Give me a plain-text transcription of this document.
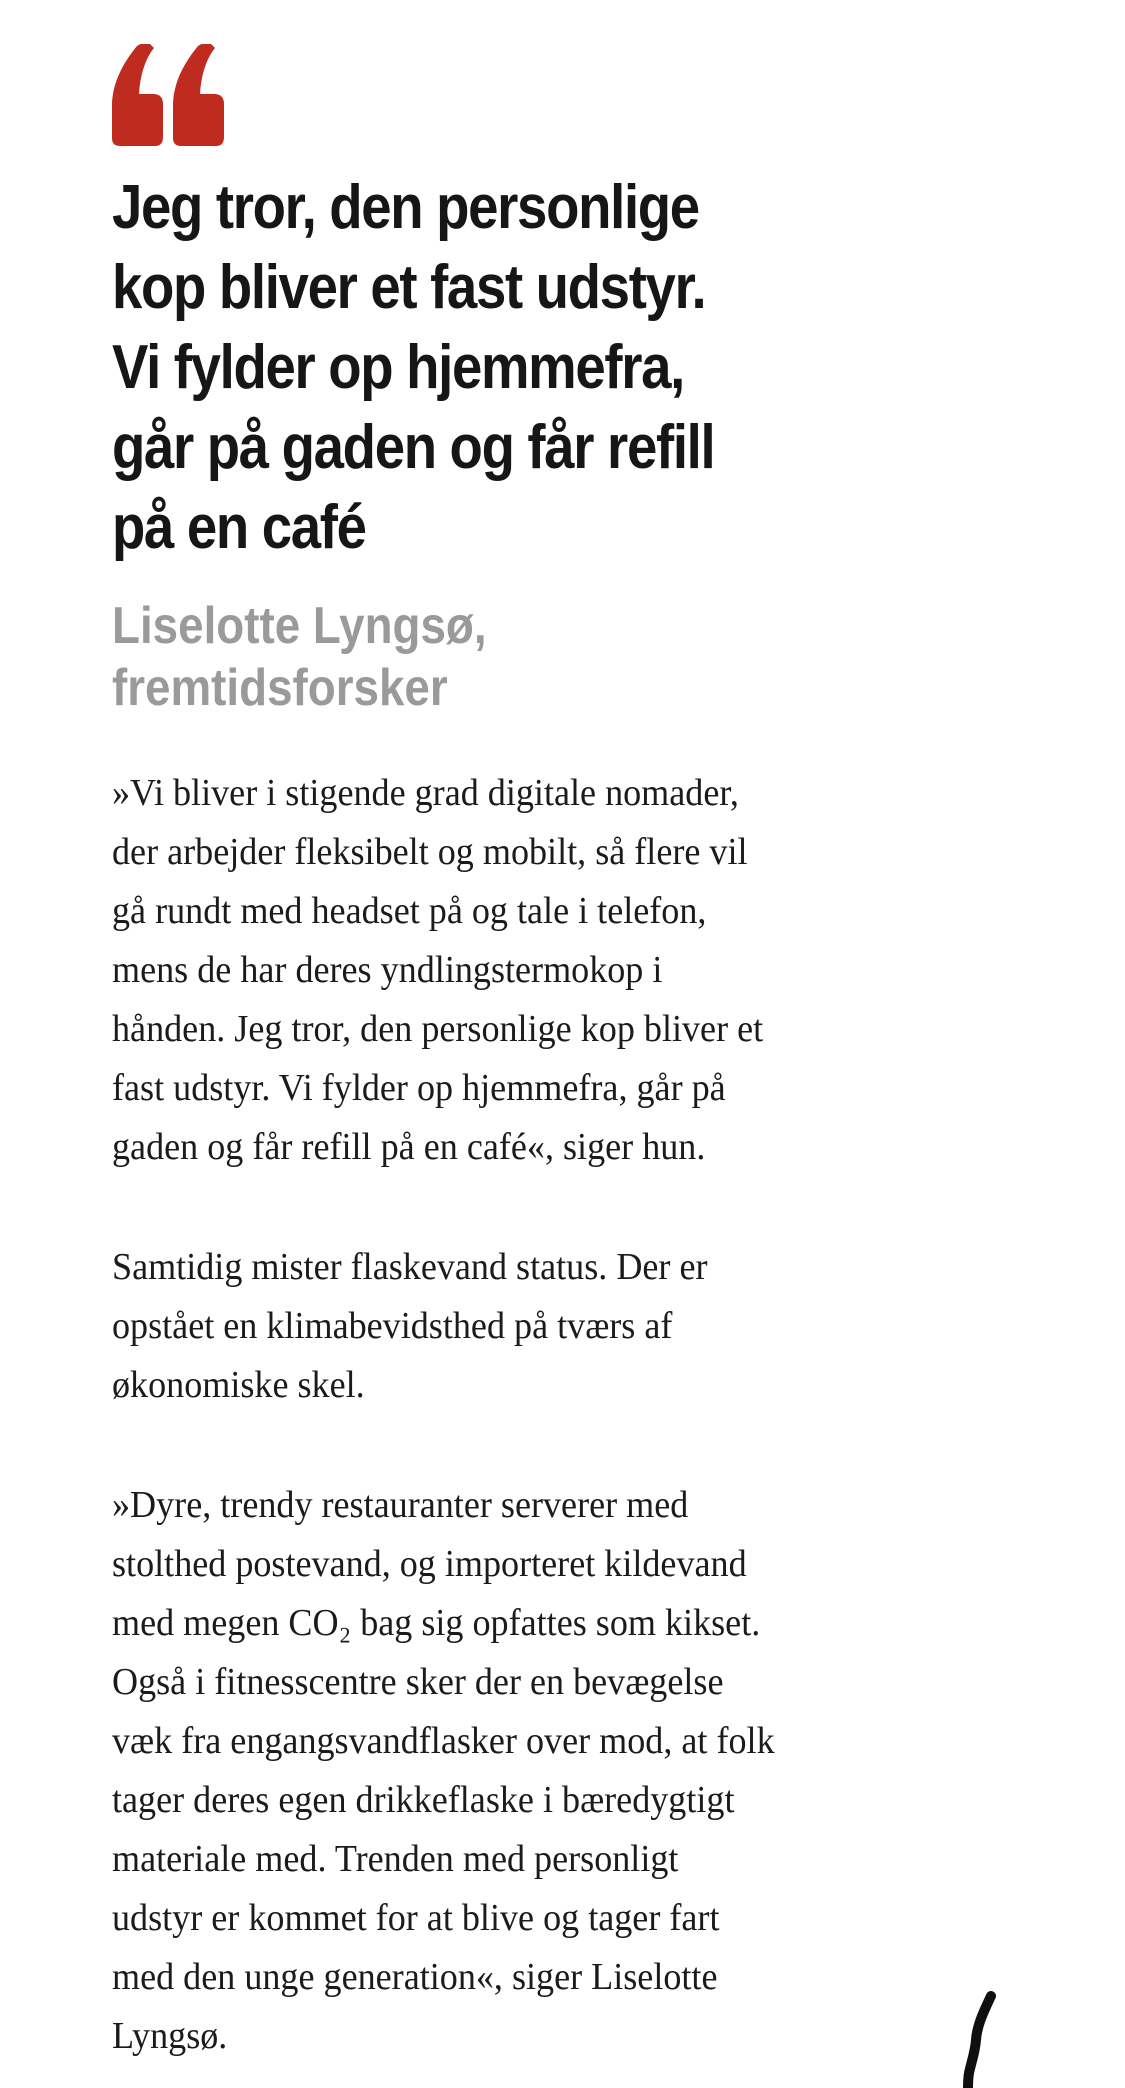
Jeg tror, den personlige
kop bliver et fast udstyr.
Vi fylder op hjemmefra,
går på gaden og får refill
på en café
Liselotte Lyngsø,
fremtidsforsker

»Vi bliver i stigende grad digitale nomader,
der arbejder fleksibelt og mobilt, så flere vil
gå rundt med headset på og tale i telefon,
mens de har deres yndlingstermokop i
hånden. Jeg tror, den personlige kop bliver et
fast udstyr. Vi fylder op hjemmefra, går på
gaden og får refill på en café«, siger hun.

Samtidig mister flaskevand status. Der er
opstået en klimabevidsthed på tværs af
økonomiske skel.

»Dyre, trendy restauranter serverer med
stolthed postevand, og importeret kildevand
med megen CO₂ bag sig opfattes som kikset.
Også i fitnesscentre sker der en bevægelse
væk fra engangsvandflasker over mod, at folk
tager deres egen drikkeflaske i bæredygtigt
materiale med. Trenden med personligt
udstyr er kommet for at blive og tager fart
med den unge generation«, siger Liselotte
Lyngsø.
